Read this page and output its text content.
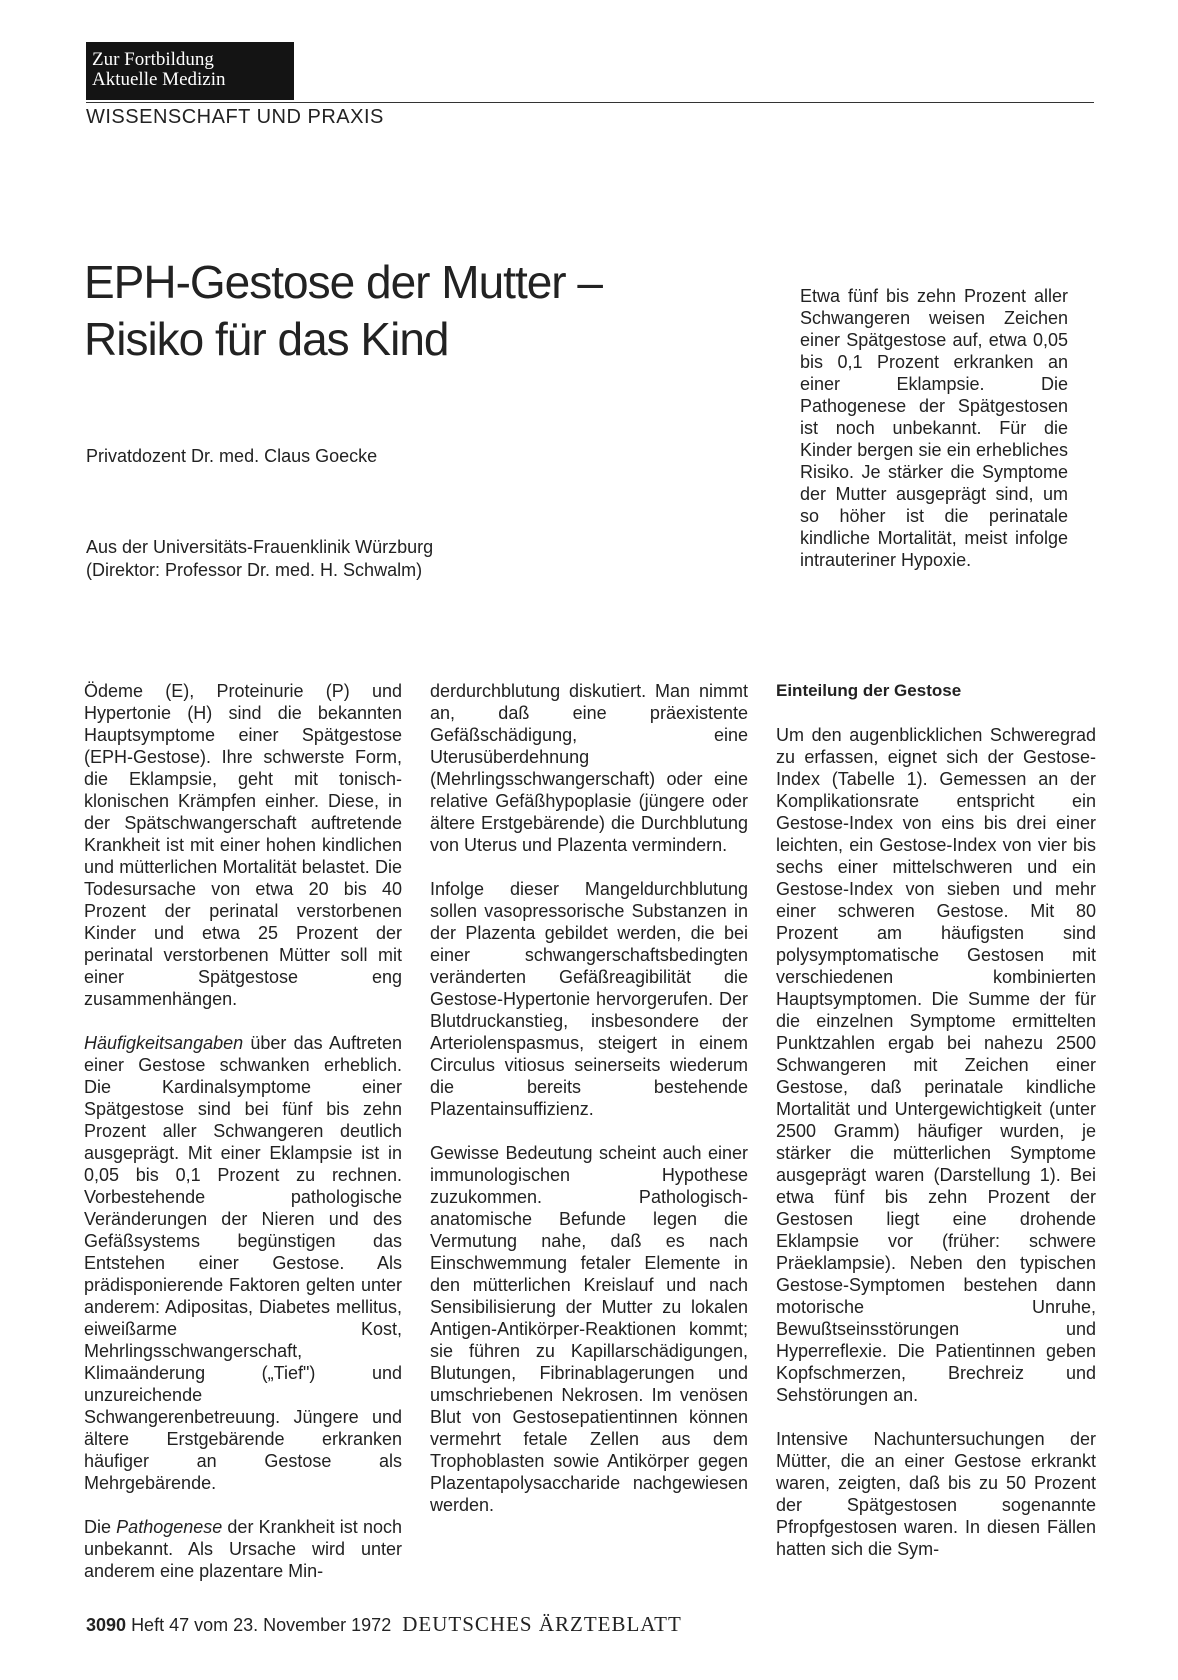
Zur Fortbildung
Aktuelle Medizin
WISSENSCHAFT UND PRAXIS
EPH-Gestose der Mutter –
Risiko für das Kind
Privatdozent Dr. med. Claus Goecke
Aus der Universitäts-Frauenklinik Würzburg
(Direktor: Professor Dr. med. H. Schwalm)
Etwa fünf bis zehn Prozent aller Schwangeren weisen Zeichen einer Spätgestose auf, etwa 0,05 bis 0,1 Prozent erkranken an einer Eklampsie. Die Pathogenese der Spätgestosen ist noch unbekannt. Für die Kinder bergen sie ein erhebliches Risiko. Je stärker die Symptome der Mutter ausgeprägt sind, um so höher ist die perinatale kindliche Mortalität, meist infolge intrauteriner Hypoxie.

Ödeme (E), Proteinurie (P) und Hypertonie (H) sind die bekannten Hauptsymptome einer Spätgestose (EPH-Gestose). Ihre schwerste Form, die Eklampsie, geht mit tonisch-klonischen Krämpfen einher. Diese, in der Spätschwangerschaft auftretende Krankheit ist mit einer hohen kindlichen und mütterlichen Mortalität belastet. Die Todesursache von etwa 20 bis 40 Prozent der perinatal verstorbenen Kinder und etwa 25 Prozent der perinatal verstorbenen Mütter soll mit einer Spätgestose eng zusammenhängen.

Häufigkeitsangaben über das Auftreten einer Gestose schwanken erheblich. Die Kardinalsymptome einer Spätgestose sind bei fünf bis zehn Prozent aller Schwangeren deutlich ausgeprägt. Mit einer Eklampsie ist in 0,05 bis 0,1 Prozent zu rechnen. Vorbestehende pathologische Veränderungen der Nieren und des Gefäßsystems begünstigen das Entstehen einer Gestose. Als prädisponierende Faktoren gelten unter anderem: Adipositas, Diabetes mellitus, eiweißarme Kost, Mehrlingsschwangerschaft, Klimaänderung („Tief") und unzureichende Schwangerenbetreuung. Jüngere und ältere Erstgebärende erkranken häufiger an Gestose als Mehrgebärende.

Die Pathogenese der Krankheit ist noch unbekannt. Als Ursache wird unter anderem eine plazentare Min-

derdurchblutung diskutiert. Man nimmt an, daß eine präexistente Gefäßschädigung, eine Uterusüberdehnung (Mehrlingsschwangerschaft) oder eine relative Gefäßhypoplasie (jüngere oder ältere Erstgebärende) die Durchblutung von Uterus und Plazenta vermindern.

Infolge dieser Mangeldurchblutung sollen vasopressorische Substanzen in der Plazenta gebildet werden, die bei einer schwangerschaftsbedingten veränderten Gefäßreagibilität die Gestose-Hypertonie hervorgerufen. Der Blutdruckanstieg, insbesondere der Arteriolenspasmus, steigert in einem Circulus vitiosus seinerseits wiederum die bereits bestehende Plazentainsuffizienz.

Gewisse Bedeutung scheint auch einer immunologischen Hypothese zuzukommen. Pathologisch-anatomische Befunde legen die Vermutung nahe, daß es nach Einschwemmung fetaler Elemente in den mütterlichen Kreislauf und nach Sensibilisierung der Mutter zu lokalen Antigen-Antikörper-Reaktionen kommt; sie führen zu Kapillarschädigungen, Blutungen, Fibrinablagerungen und umschriebenen Nekrosen. Im venösen Blut von Gestosepatientinnen können vermehrt fetale Zellen aus dem Trophoblasten sowie Antikörper gegen Plazentapolysaccharide nachgewiesen werden.

Einteilung der Gestose

Um den augenblicklichen Schweregrad zu erfassen, eignet sich der Gestose-Index (Tabelle 1). Gemessen an der Komplikationsrate entspricht ein Gestose-Index von eins bis drei einer leichten, ein Gestose-Index von vier bis sechs einer mittelschweren und ein Gestose-Index von sieben und mehr einer schweren Gestose. Mit 80 Prozent am häufigsten sind polysymptomatische Gestosen mit verschiedenen kombinierten Hauptsymptomen. Die Summe der für die einzelnen Symptome ermittelten Punktzahlen ergab bei nahezu 2500 Schwangeren mit Zeichen einer Gestose, daß perinatale kindliche Mortalität und Untergewichtigkeit (unter 2500 Gramm) häufiger wurden, je stärker die mütterlichen Symptome ausgeprägt waren (Darstellung 1). Bei etwa fünf bis zehn Prozent der Gestosen liegt eine drohende Eklampsie vor (früher: schwere Präeklampsie). Neben den typischen Gestose-Symptomen bestehen dann motorische Unruhe, Bewußtseinsstörungen und Hyperreflexie. Die Patientinnen geben Kopfschmerzen, Brechreiz und Sehstörungen an.

Intensive Nachuntersuchungen der Mütter, die an einer Gestose erkrankt waren, zeigten, daß bis zu 50 Prozent der Spätgestosen sogenannte Pfropfgestosen waren. In diesen Fällen hatten sich die Sym-

3090 Heft 47 vom 23. November 1972 DEUTSCHES ÄRZTEBLATT
